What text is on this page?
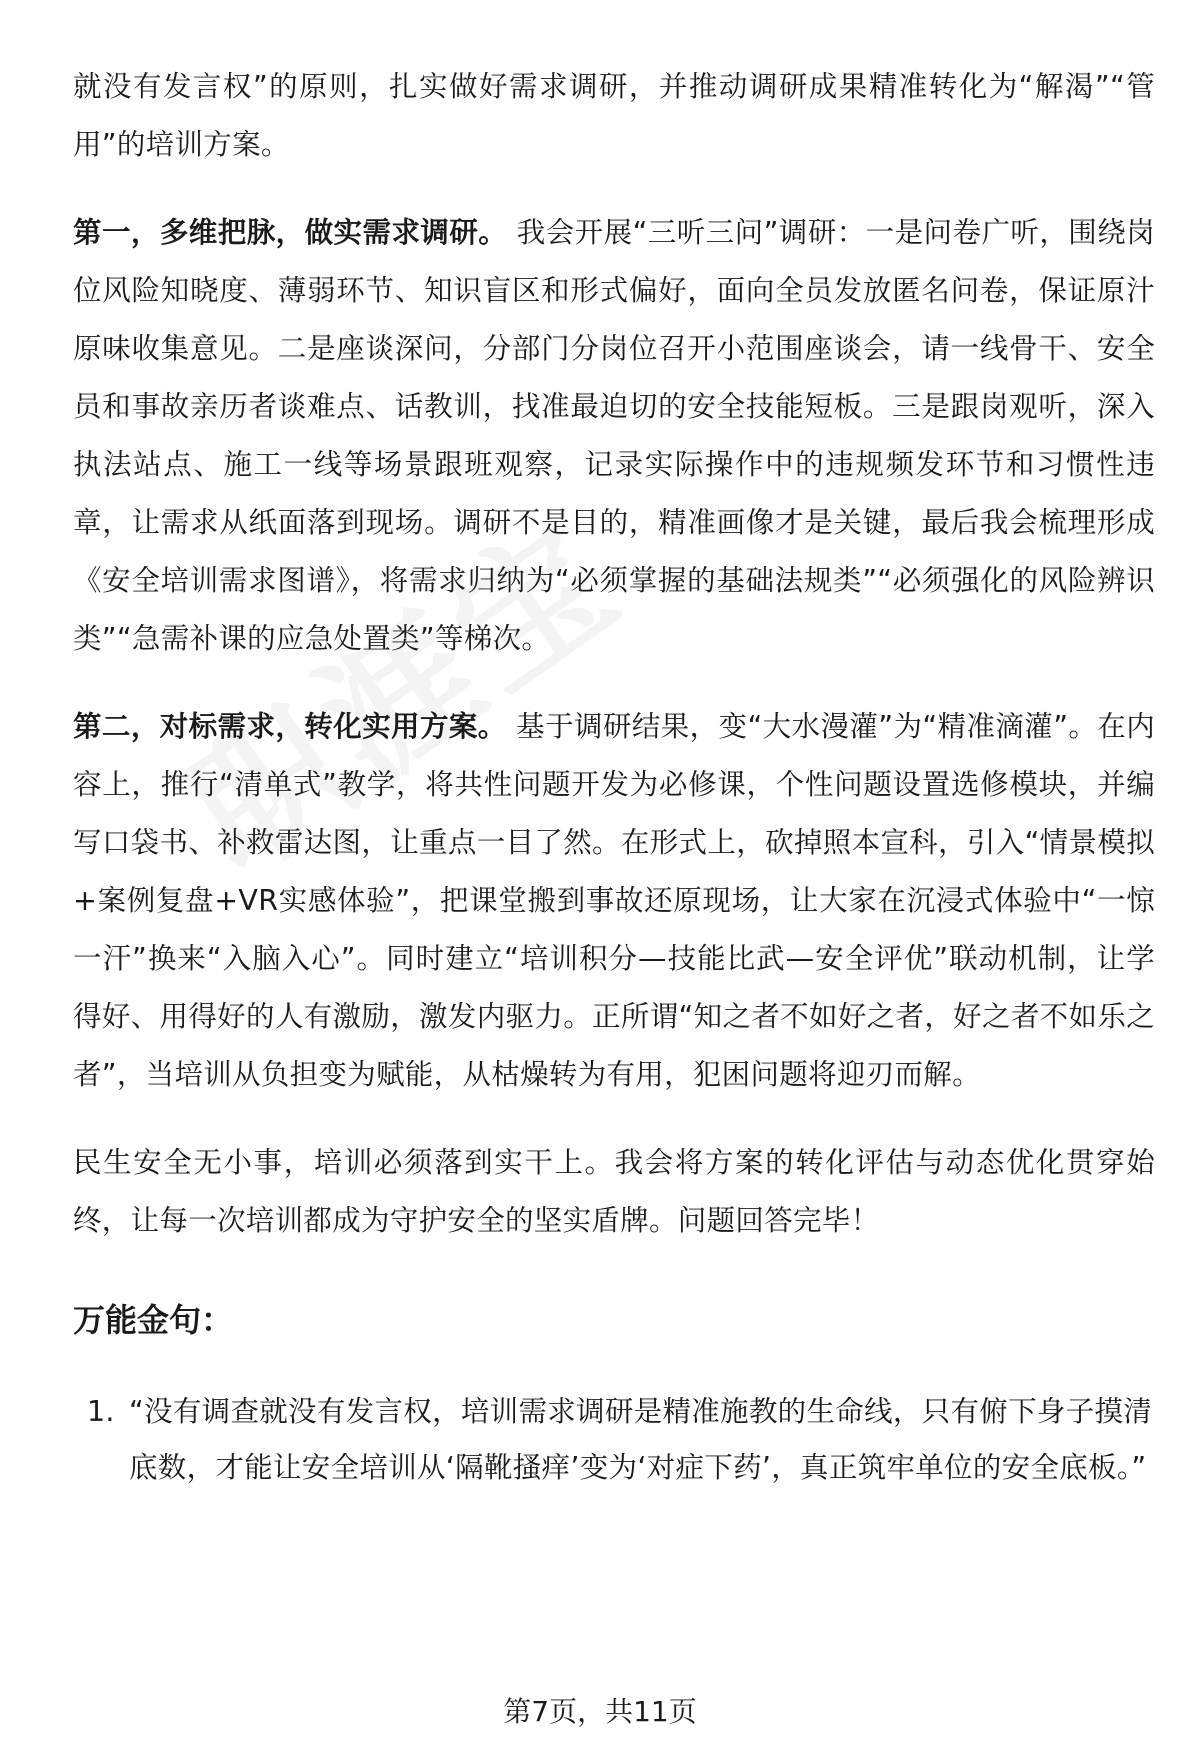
就没有发言权”的原则，扎实做好需求调研，并推动调研成果精准转化为“解渴”“管用”的培训方案。

第一，多维把脉，做实需求调研。 我会开展“三听三问”调研：一是问卷广听，围绕岗位风险知晓度、薄弱环节、知识盲区和形式偏好，面向全员发放匿名问卷，保证原汁原味收集意见。二是座谈深问，分部门分岗位召开小范围座谈会，请一线骨干、安全员和事故亲历者谈难点、话教训，找准最迫切的安全技能短板。三是跟岗观听，深入执法站点、施工一线等场景跟班观察，记录实际操作中的违规频发环节和习惯性违章，让需求从纸面落到现场。调研不是目的，精准画像才是关键，最后我会梳理形成《安全培训需求图谱》，将需求归纳为“必须掌握的基础法规类”“必须强化的风险辨识类”“急需补课的应急处置类”等梯次。

第二，对标需求，转化实用方案。 基于调研结果，变“大水漫灌”为“精准滴灌”。在内容上，推行“清单式”教学，将共性问题开发为必修课，个性问题设置选修模块，并编写口袋书、补救雷达图，让重点一目了然。在形式上，砍掉照本宣科，引入“情景模拟+案例复盘+VR实感体验”，把课堂搬到事故还原现场，让大家在沉浸式体验中“一惊一汗”换来“入脑入心”。同时建立“培训积分—技能比武—安全评优”联动机制，让学得好、用得好的人有激励，激发内驱力。正所谓“知之者不如好之者，好之者不如乐之者”，当培训从负担变为赋能，从枯燥转为有用，犯困问题将迎刃而解。

民生安全无小事，培训必须落到实干上。我会将方案的转化评估与动态优化贯穿始终，让每一次培训都成为守护安全的坚实盾牌。问题回答完毕！

万能金句：
1. “没有调查就没有发言权，培训需求调研是精准施教的生命线，只有俯下身子摸清底数，才能让安全培训从‘隔靴搔痒’变为‘对症下药’，真正筑牢单位的安全底板。”
第7页，共11页
